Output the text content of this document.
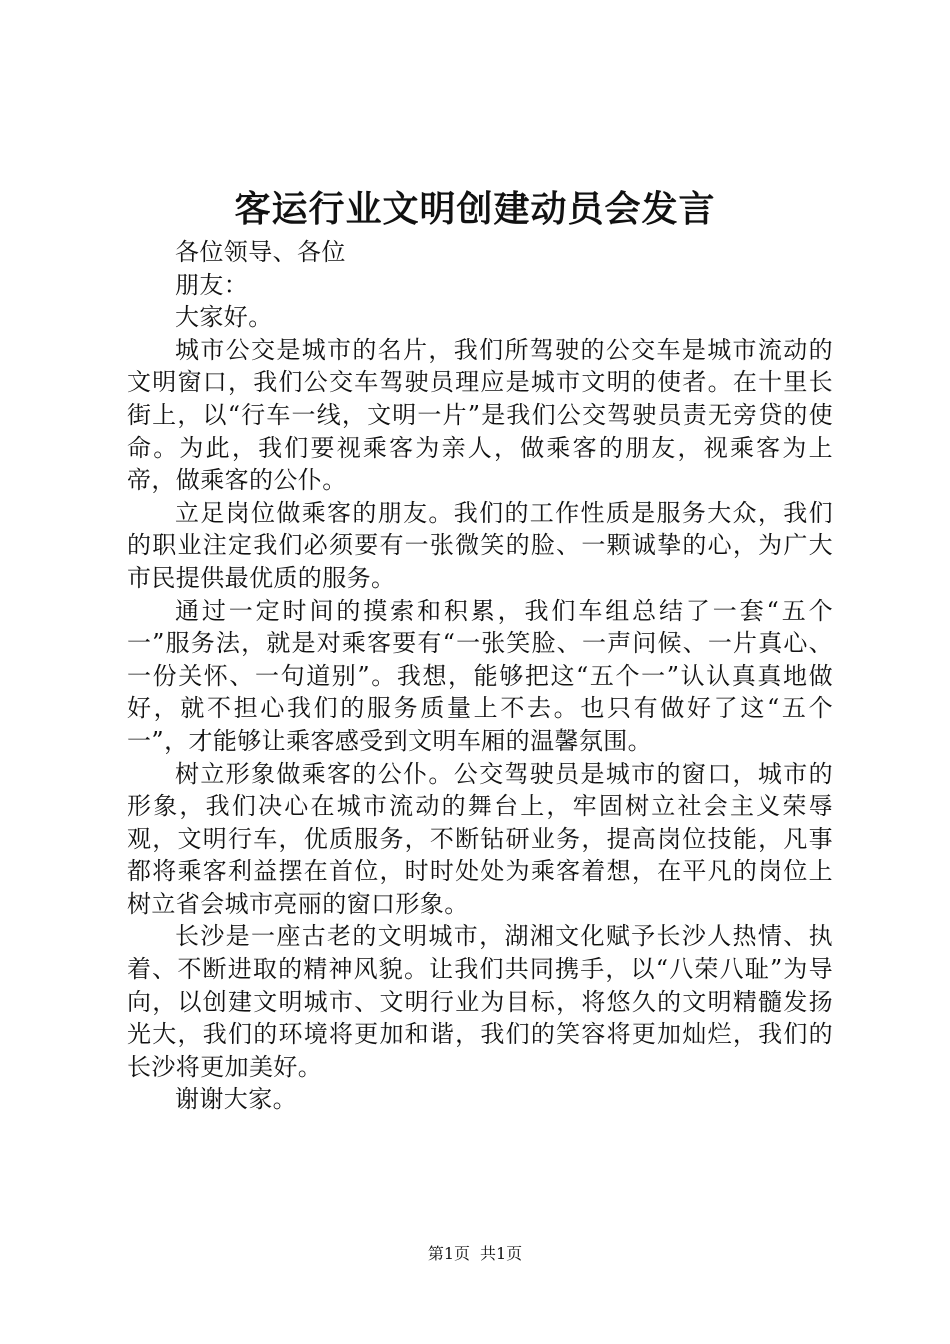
客运行业文明创建动员会发言

各位领导、各位

朋友：

大家好。

城市公交是城市的名片，我们所驾驶的公交车是城市流动的文明窗口，我们公交车驾驶员理应是城市文明的使者。在十里长街上，以“行车一线，文明一片”是我们公交驾驶员责无旁贷的使命。为此，我们要视乘客为亲人，做乘客的朋友，视乘客为上帝，做乘客的公仆。

立足岗位做乘客的朋友。我们的工作性质是服务大众，我们的职业注定我们必须要有一张微笑的脸、一颗诚挚的心，为广大市民提供最优质的服务。

通过一定时间的摸索和积累，我们车组总结了一套“五个一”服务法，就是对乘客要有“一张笑脸、一声问候、一片真心、一份关怀、一句道别”。我想，能够把这“五个一”认认真真地做好，就不担心我们的服务质量上不去。也只有做好了这“五个一”，才能够让乘客感受到文明车厢的温馨氛围。

树立形象做乘客的公仆。公交驾驶员是城市的窗口，城市的形象，我们决心在城市流动的舞台上，牢固树立社会主义荣辱观，文明行车，优质服务，不断钻研业务，提高岗位技能，凡事都将乘客利益摆在首位，时时处处为乘客着想，在平凡的岗位上树立省会城市亮丽的窗口形象。

长沙是一座古老的文明城市，湖湘文化赋予长沙人热情、执着、不断进取的精神风貌。让我们共同携手，以“八荣八耻”为导向，以创建文明城市、文明行业为目标，将悠久的文明精髓发扬光大，我们的环境将更加和谐，我们的笑容将更加灿烂，我们的长沙将更加美好。

谢谢大家。

第1页 共1页
